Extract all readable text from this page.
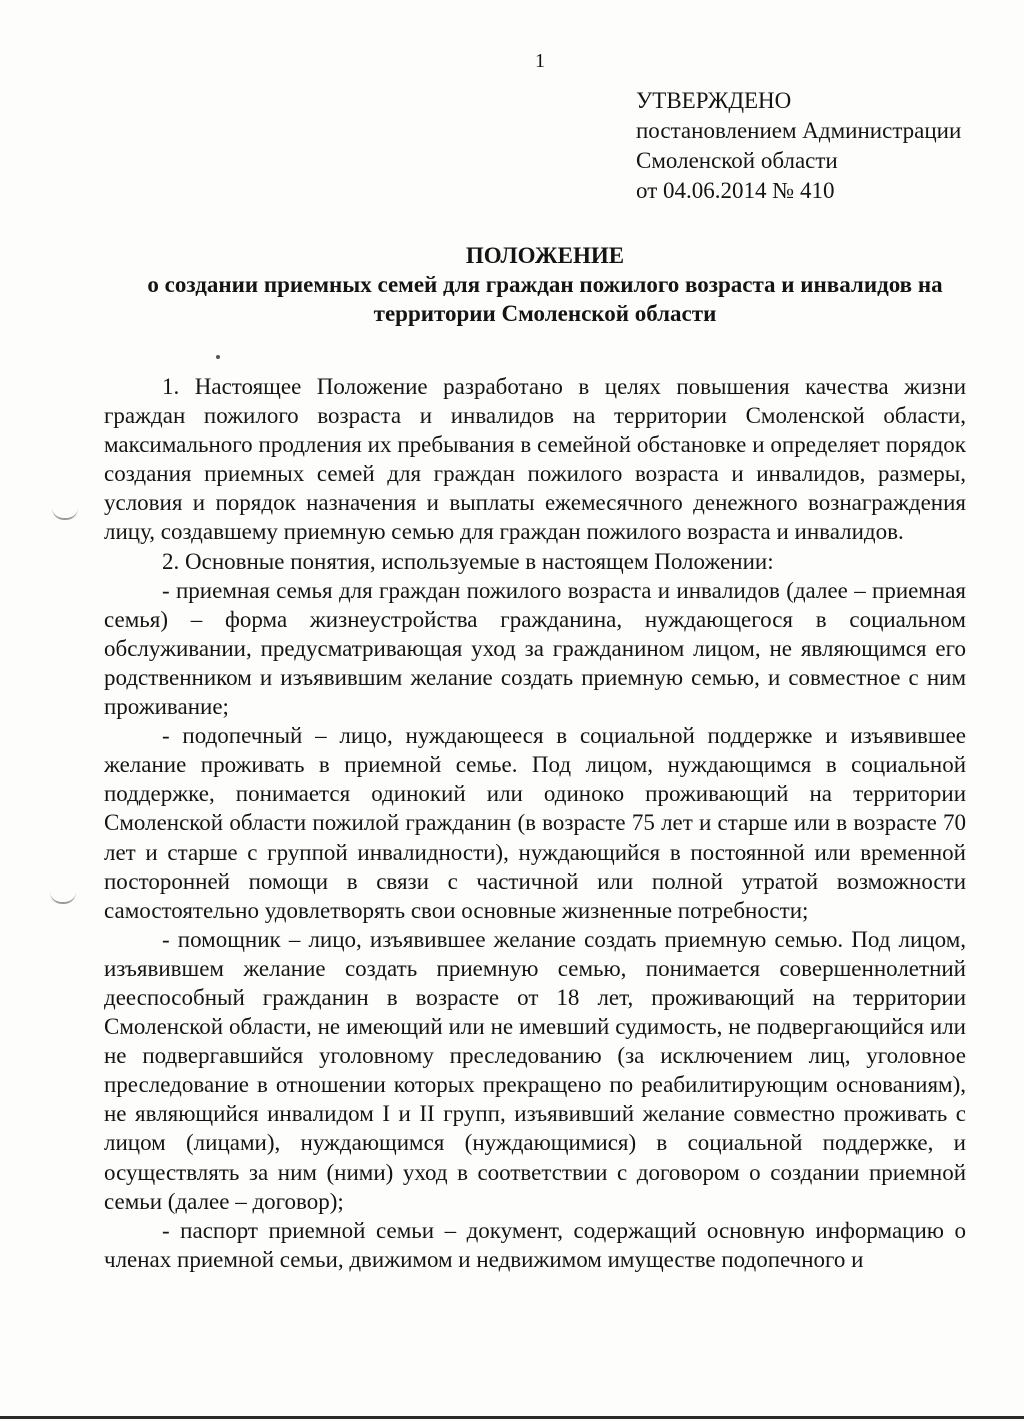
1
УТВЕРЖДЕНО
постановлением Администрации
Смоленской области
от 04.06.2014 № 410
ПОЛОЖЕНИЕ
о создании приемных семей для граждан пожилого возраста и инвалидов на
территории Смоленской области

1. Настоящее Положение разработано в целях повышения качества жизни граждан пожилого возраста и инвалидов на территории Смоленской области, максимального продления их пребывания в семейной обстановке и определяет порядок создания приемных семей для граждан пожилого возраста и инвалидов, размеры, условия и порядок назначения и выплаты ежемесячного денежного вознаграждения лицу, создавшему приемную семью для граждан пожилого возраста и инвалидов.

2. Основные понятия, используемые в настоящем Положении:

- приемная семья для граждан пожилого возраста и инвалидов (далее – приемная семья) – форма жизнеустройства гражданина, нуждающегося в социальном обслуживании, предусматривающая уход за гражданином лицом, не являющимся его родственником и изъявившим желание создать приемную семью, и совместное с ним проживание;

- подопечный – лицо, нуждающееся в социальной поддержке и изъявившее желание проживать в приемной семье. Под лицом, нуждающимся в социальной поддержке, понимается одинокий или одиноко проживающий на территории Смоленской области пожилой гражданин (в возрасте 75 лет и старше или в возрасте 70 лет и старше с группой инвалидности), нуждающийся в постоянной или временной посторонней помощи в связи с частичной или полной утратой возможности самостоятельно удовлетворять свои основные жизненные потребности;

- помощник – лицо, изъявившее желание создать приемную семью. Под лицом, изъявившем желание создать приемную семью, понимается совершеннолетний дееспособный гражданин в возрасте от 18 лет, проживающий на территории Смоленской области, не имеющий или не имевший судимость, не подвергающийся или не подвергавшийся уголовному преследованию (за исключением лиц, уголовное преследование в отношении которых прекращено по реабилитирующим основаниям), не являющийся инвалидом I и II групп, изъявивший желание совместно проживать с лицом (лицами), нуждающимся (нуждающимися) в социальной поддержке, и осуществлять за ним (ними) уход в соответствии с договором о создании приемной семьи (далее – договор);

- паспорт приемной семьи – документ, содержащий основную информацию о членах приемной семьи, движимом и недвижимом имуществе подопечного и
